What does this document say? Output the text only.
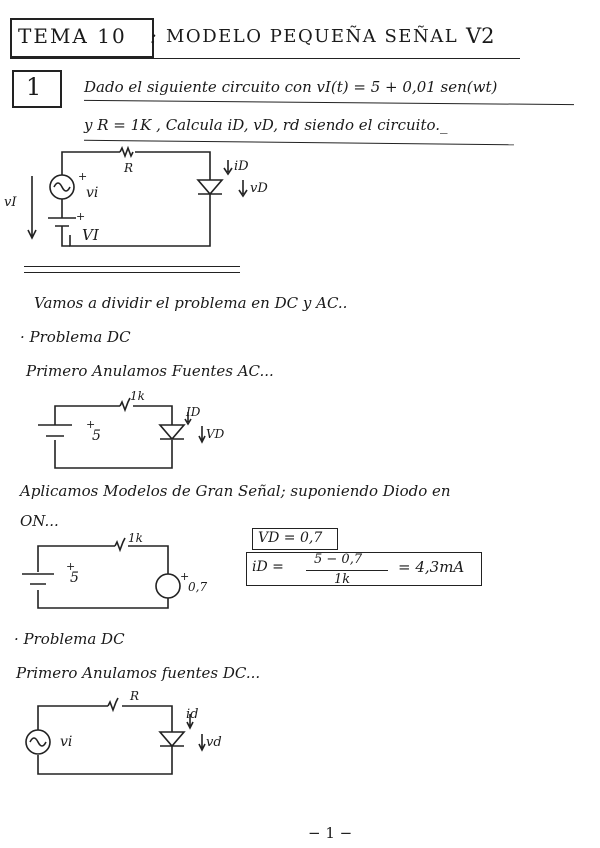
TEMA 10 : MODELO PEQUEÑA SEÑAL V2
1	Dado el siguiente circuito con vI(t) = 5 + 0,01 sen(wt)
y R = 1K , Calcula iD, vD, rd siendo el circuito._
R	iD
vD
vi
vI
VI
+
+
Vamos a dividir el problema en DC y AC..
· Problema DC
Primero Anulamos Fuentes AC...
1k
ID
VD
5
+
Aplicamos Modelos de Gran Señal; suponiendo Diodo en
ON...
1k
5
0,7
+
+
VD = 0,7
iD = 5 − 0,7
1k
= 4,3mA
· Problema DC
Primero Anulamos fuentes DC...
R
id
vd
vi
− 1 −
